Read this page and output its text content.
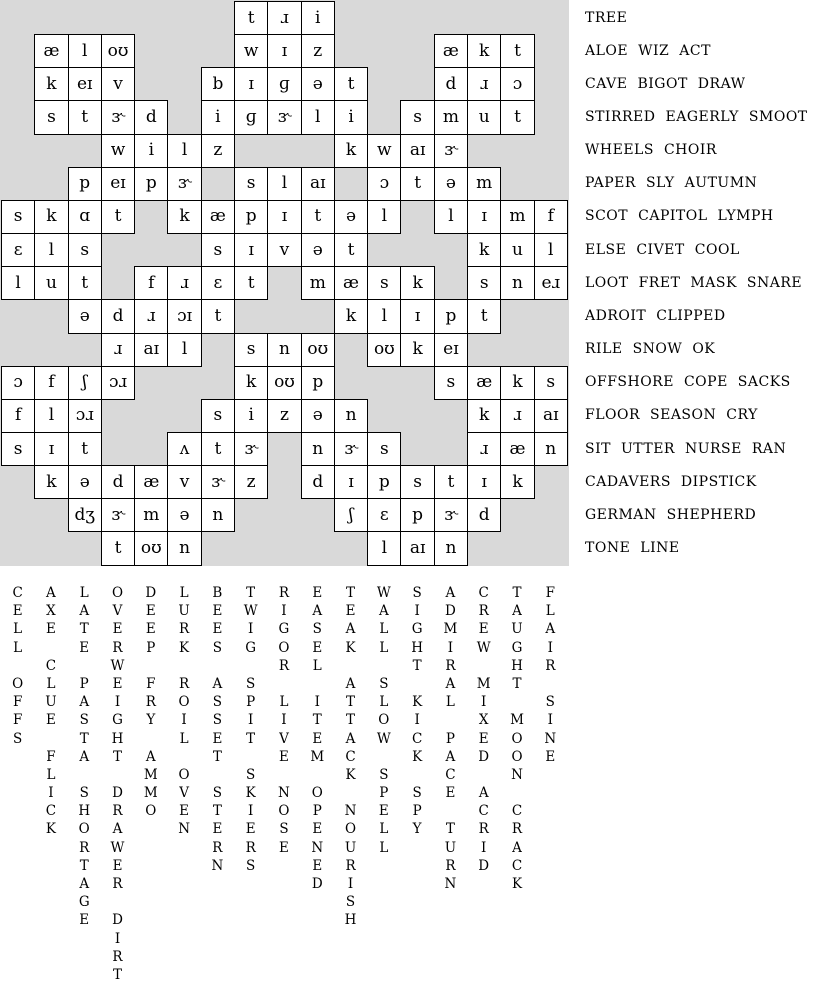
t	ɹ	i
æ	l	oʊ	w	ɪ	z	æ	k	t
k	eɪ	v	b	ɪ	ɡ	ə	t	d	ɹ	ɔ
s	t	ɝ	d	i	ɡ	ɝ	l	i	s	m	u	t
w	i	l	z	k	w	aɪ	ɝ
p	eɪ	p	ɝ	s	l	aɪ	ɔ	t	ə	m
s	k	ɑ	t	k	æ	p	ɪ	t	ə	l	l	ɪ	m	f
ɛ	l	s	s	ɪ	v	ə	t	k	u	l
l	u	t	f	ɹ	ɛ	t	m	æ	s	k	s	n	eɹ
ə	d	ɹ	ɔɪ	t	k	l	ɪ	p	t
ɹ	aɪ	l	s	n	oʊ	oʊ	k	eɪ
ɔ	f	ʃ	ɔɹ	k	oʊ	p	s	æ	k	s
f	l	ɔɹ	s	i	z	ə	n	k	ɹ	aɪ
s	ɪ	t	ʌ	t	ɝ	n	ɝ	s	ɹ	æ	n
k	ə	d	æ	v	ɝ	z	d	ɪ	p	s	t	ɪ	k
dʒ ɝ	m	ə	n	ʃ	ɛ	p	ɝ	d
t	oʊ	n	l	aɪ	n
TREE
ALOE WIZ ACT
CAVE BIGOT DRAW
STIRRED EAGERLY SMOOT
WHEELS CHOIR
PAPER SLY AUTUMN
SCOT CAPITOL LYMPH
ELSE CIVET COOL
LOOT FRET MASK SNARE
ADROIT CLIPPED
RILE SNOW OK
OFFSHORE COPE SACKS
FLOOR SEASON CRY
SIT UTTER NURSE RAN
CADAVERS DIPSTICK
GERMAN SHEPHERD
TONE LINE
C
E
L
L
O
F
F
S
A
X
E
C
L
U
E
F
L
I
C
K
L
A
T
E
P
A
S
T
A
S
H
O
R
T
A
G
E
O
V
E
R
W
E
I
G
H
T
D
R
A
W
E
R
D
I
R
T
D
E
E
P
F
R
Y
A
M
M
O
L
U
R
K
R
O
I
L
O
V
E
N
B
E
E
S
A
S
S
E
T
S
T
E
R
N
T
W
I
G
S
P
I
T
S
K
I
E
R
S
R
I
G
O
R
L
I
V
E
N
O
S
E
E
A
S
E
L
I
T
E
M
O
P
E
N
E
D
T
E
A
K
A
T
T
A
C
K
N
O
U
R
I
S
H
W
A
L
L
S
L
O
W
S
P
E
L
L
S
I
G
H
T
K
I
C
K
S
P
Y
A
D
M
I
R
A
L
P
A
C
E
T
U
R
N
C
R
E
W
M
I
X
E
D
A
C
R
I
D
T
A
U
G
H
T
M
O
O
N
C
R
A
C
K
F
L
A
I
R
S
I
N
E
